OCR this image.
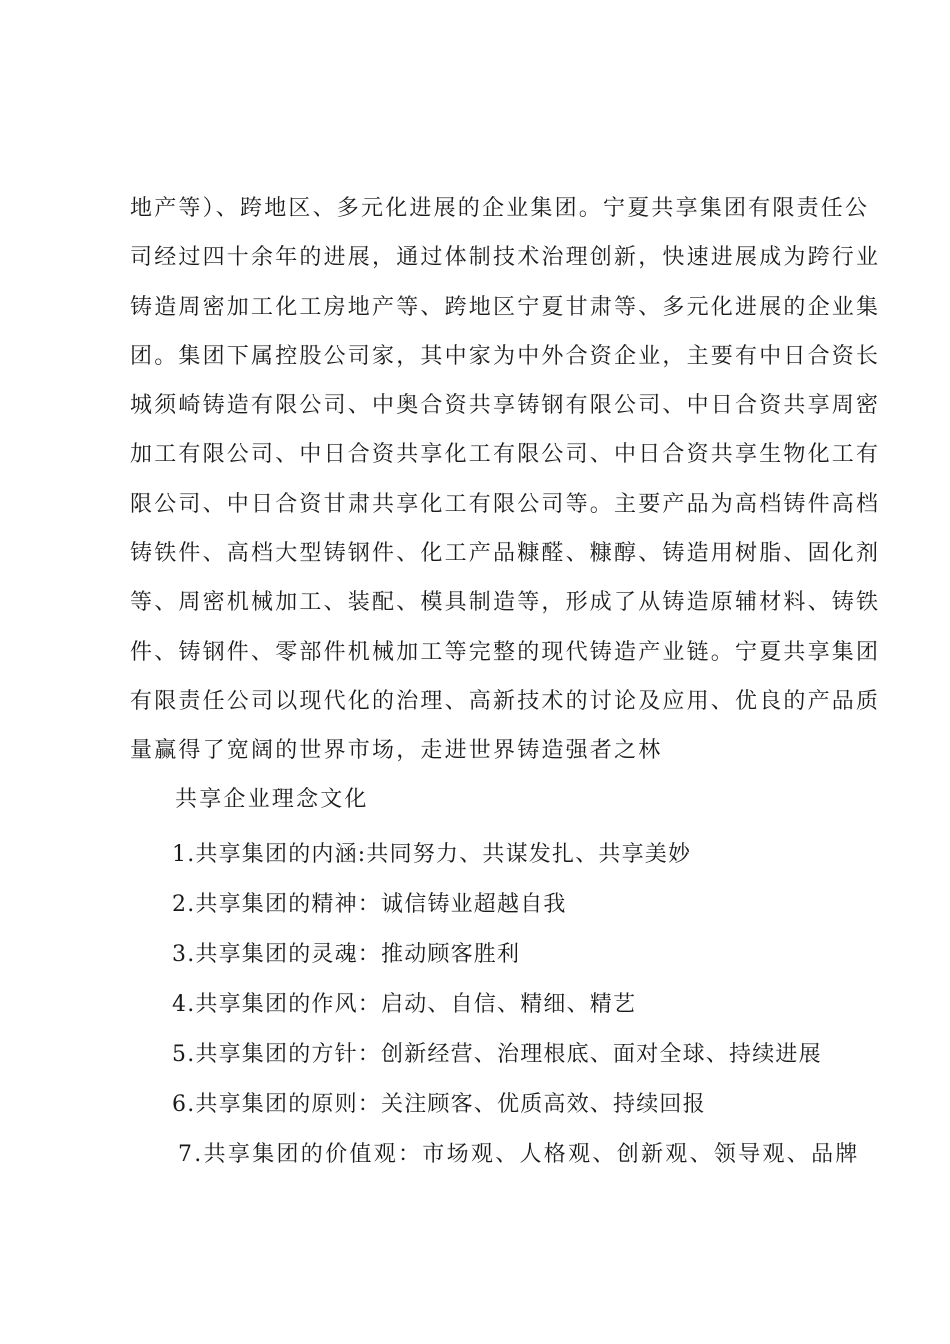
地产等）、跨地区、多元化进展的企业集团。宁夏共享集团有限责任公
司经过四十余年的进展，通过体制技术治理创新，快速进展成为跨行业
铸造周密加工化工房地产等、跨地区宁夏甘肃等、多元化进展的企业集
团。集团下属控股公司家，其中家为中外合资企业，主要有中日合资长
城须崎铸造有限公司、中奥合资共享铸钢有限公司、中日合资共享周密
加工有限公司、中日合资共享化工有限公司、中日合资共享生物化工有
限公司、中日合资甘肃共享化工有限公司等。主要产品为高档铸件高档
铸铁件、高档大型铸钢件、化工产品糠醛、糠醇、铸造用树脂、固化剂
等、周密机械加工、装配、模具制造等，形成了从铸造原辅材料、铸铁
件、铸钢件、零部件机械加工等完整的现代铸造产业链。宁夏共享集团
有限责任公司以现代化的治理、高新技术的讨论及应用、优良的产品质
量赢得了宽阔的世界市场，走进世界铸造强者之林
共享企业理念文化
1.共享集团的内涵:共同努力、共谋发扎、共享美妙
2.共享集团的精神：诚信铸业超越自我
3.共享集团的灵魂：推动顾客胜利
4.共享集团的作风：启动、自信、精细、精艺
5.共享集团的方针：创新经营、治理根底、面对全球、持续进展
6.共享集团的原则：关注顾客、优质高效、持续回报
7.共享集团的价值观：市场观、人格观、创新观、领导观、品牌
